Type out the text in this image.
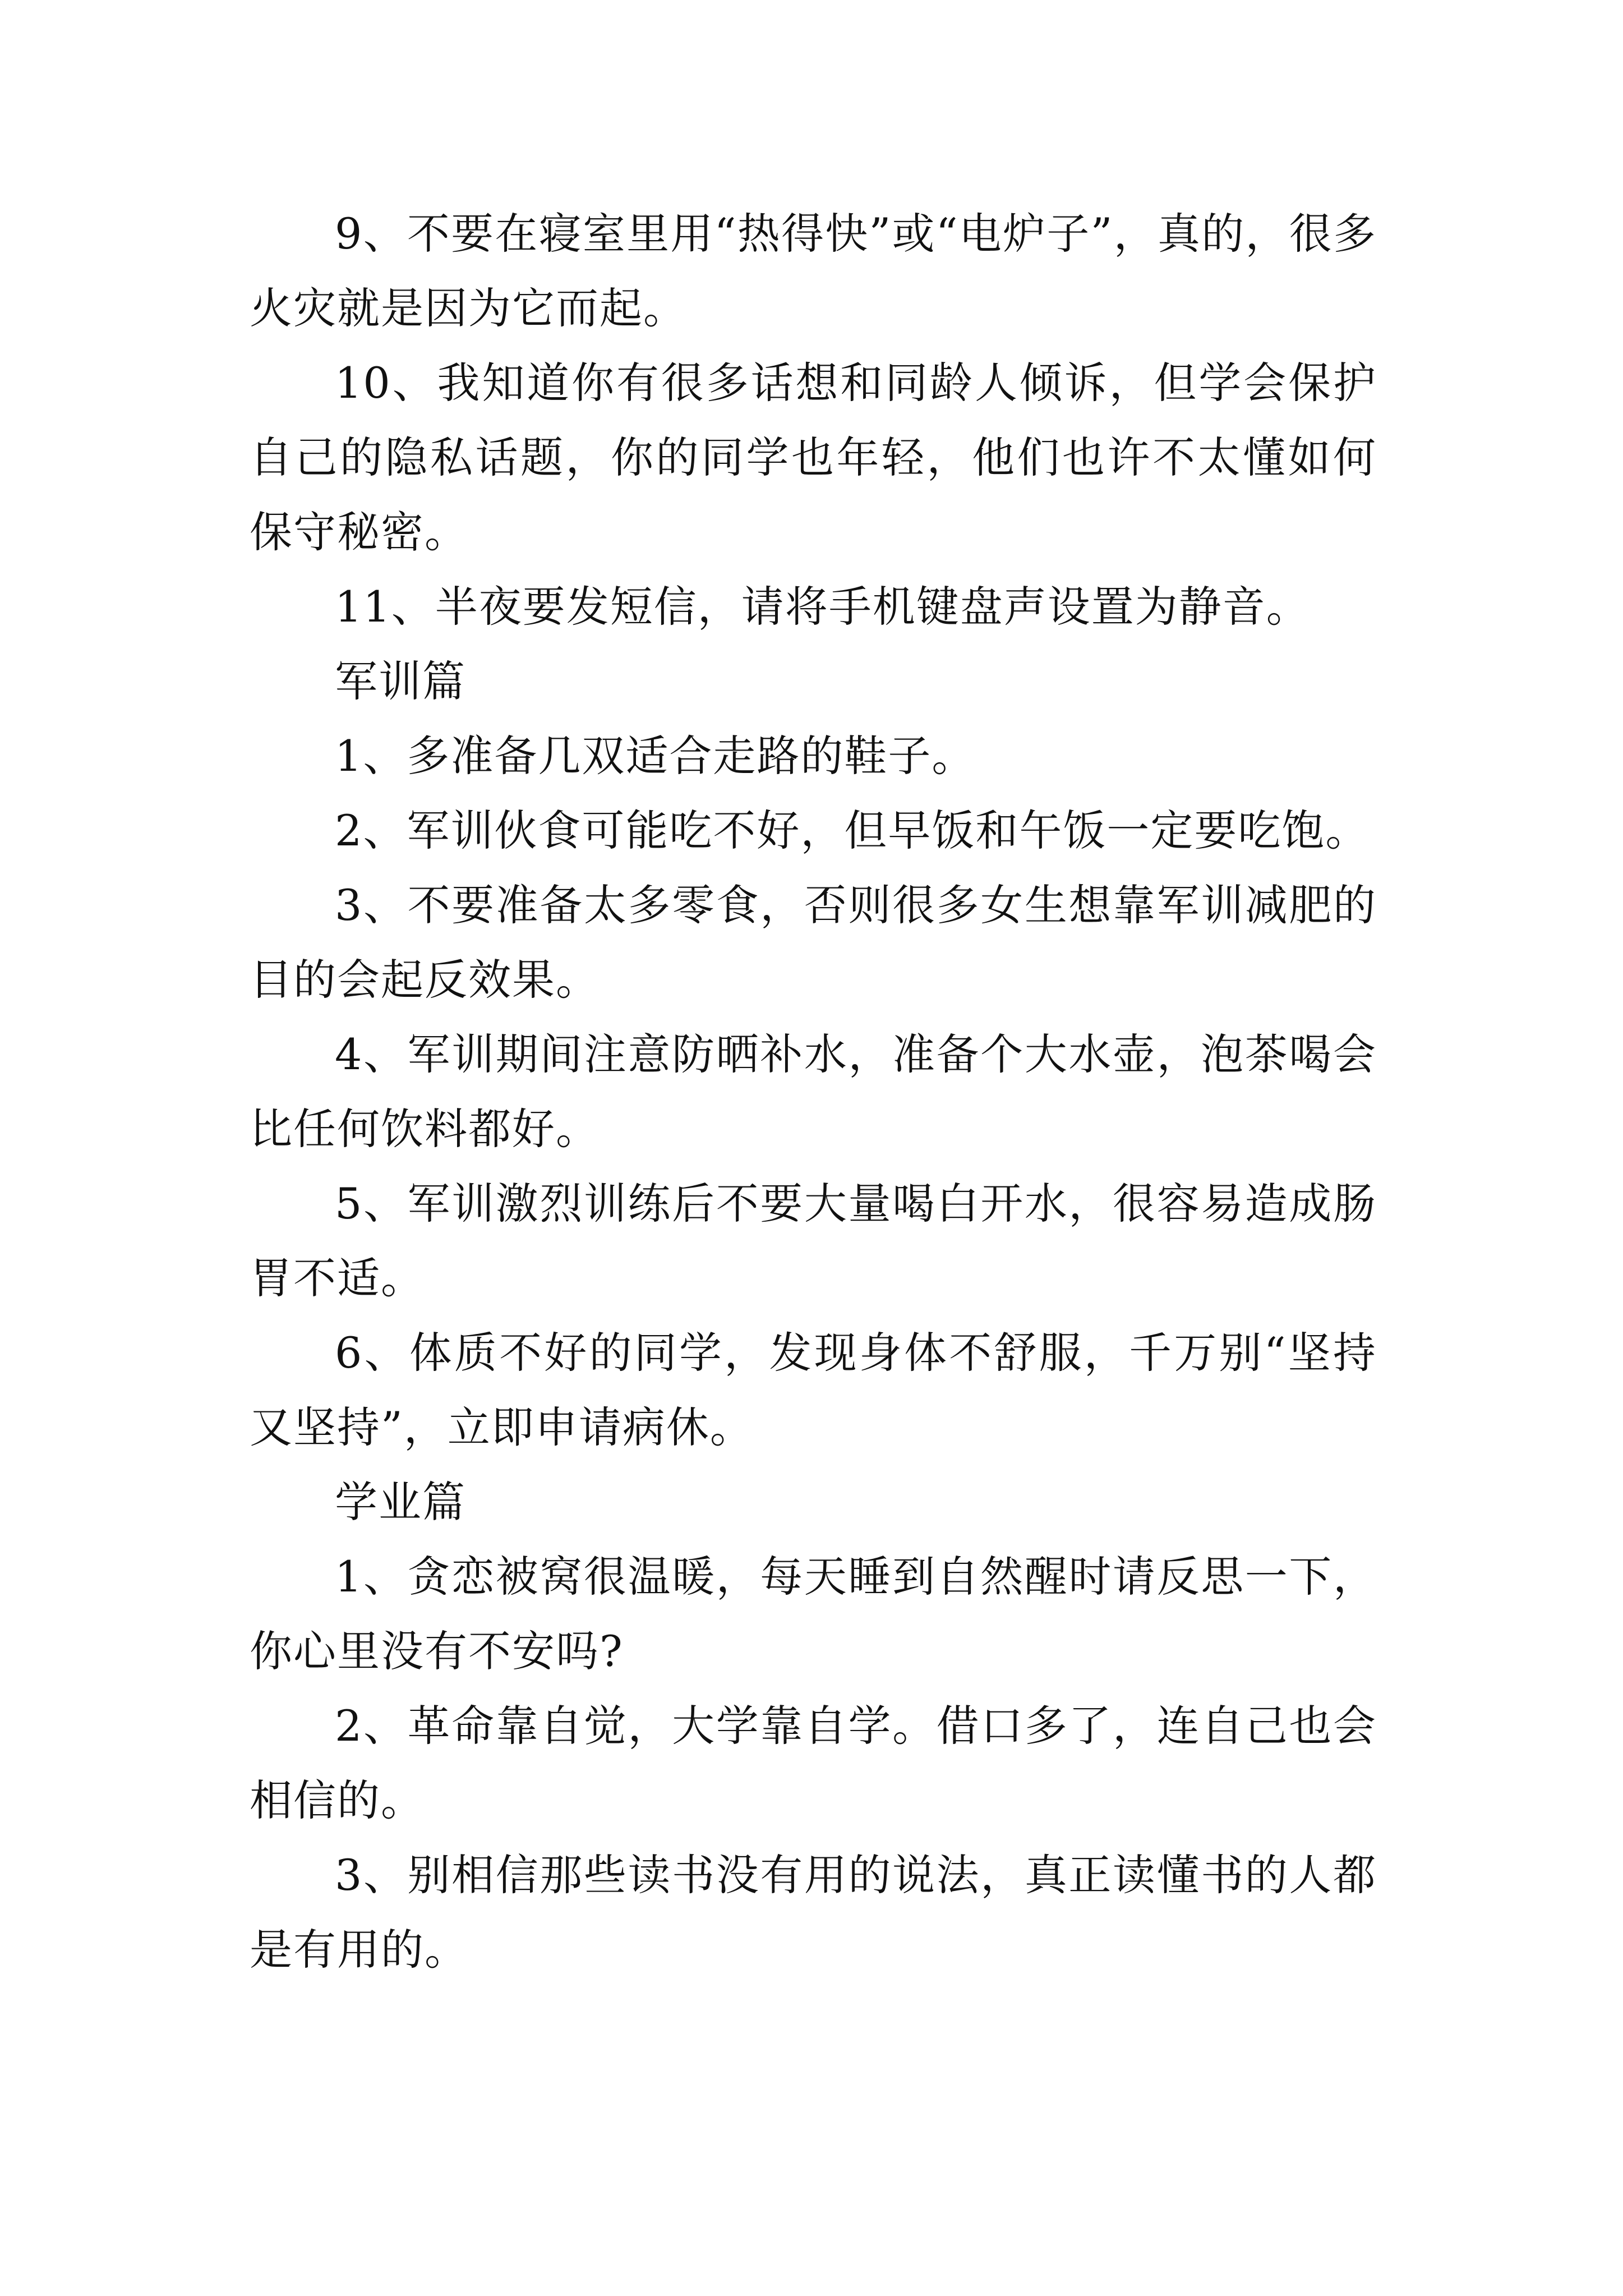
9、不要在寝室里用“热得快”或“电炉子”，真的，很多火灾就是因为它而起。

10、我知道你有很多话想和同龄人倾诉，但学会保护自己的隐私话题，你的同学也年轻，他们也许不太懂如何保守秘密。

11、半夜要发短信，请将手机键盘声设置为静音。

军训篇

1、多准备几双适合走路的鞋子。

2、军训伙食可能吃不好，但早饭和午饭一定要吃饱。

3、不要准备太多零食，否则很多女生想靠军训减肥的目的会起反效果。

4、军训期间注意防晒补水，准备个大水壶，泡茶喝会比任何饮料都好。

5、军训激烈训练后不要大量喝白开水，很容易造成肠胃不适。

6、体质不好的同学，发现身体不舒服，千万别“坚持又坚持”，立即申请病休。

学业篇

1、贪恋被窝很温暖，每天睡到自然醒时请反思一下，你心里没有不安吗?

2、革命靠自觉，大学靠自学。借口多了，连自己也会相信的。

3、别相信那些读书没有用的说法，真正读懂书的人都是有用的。
